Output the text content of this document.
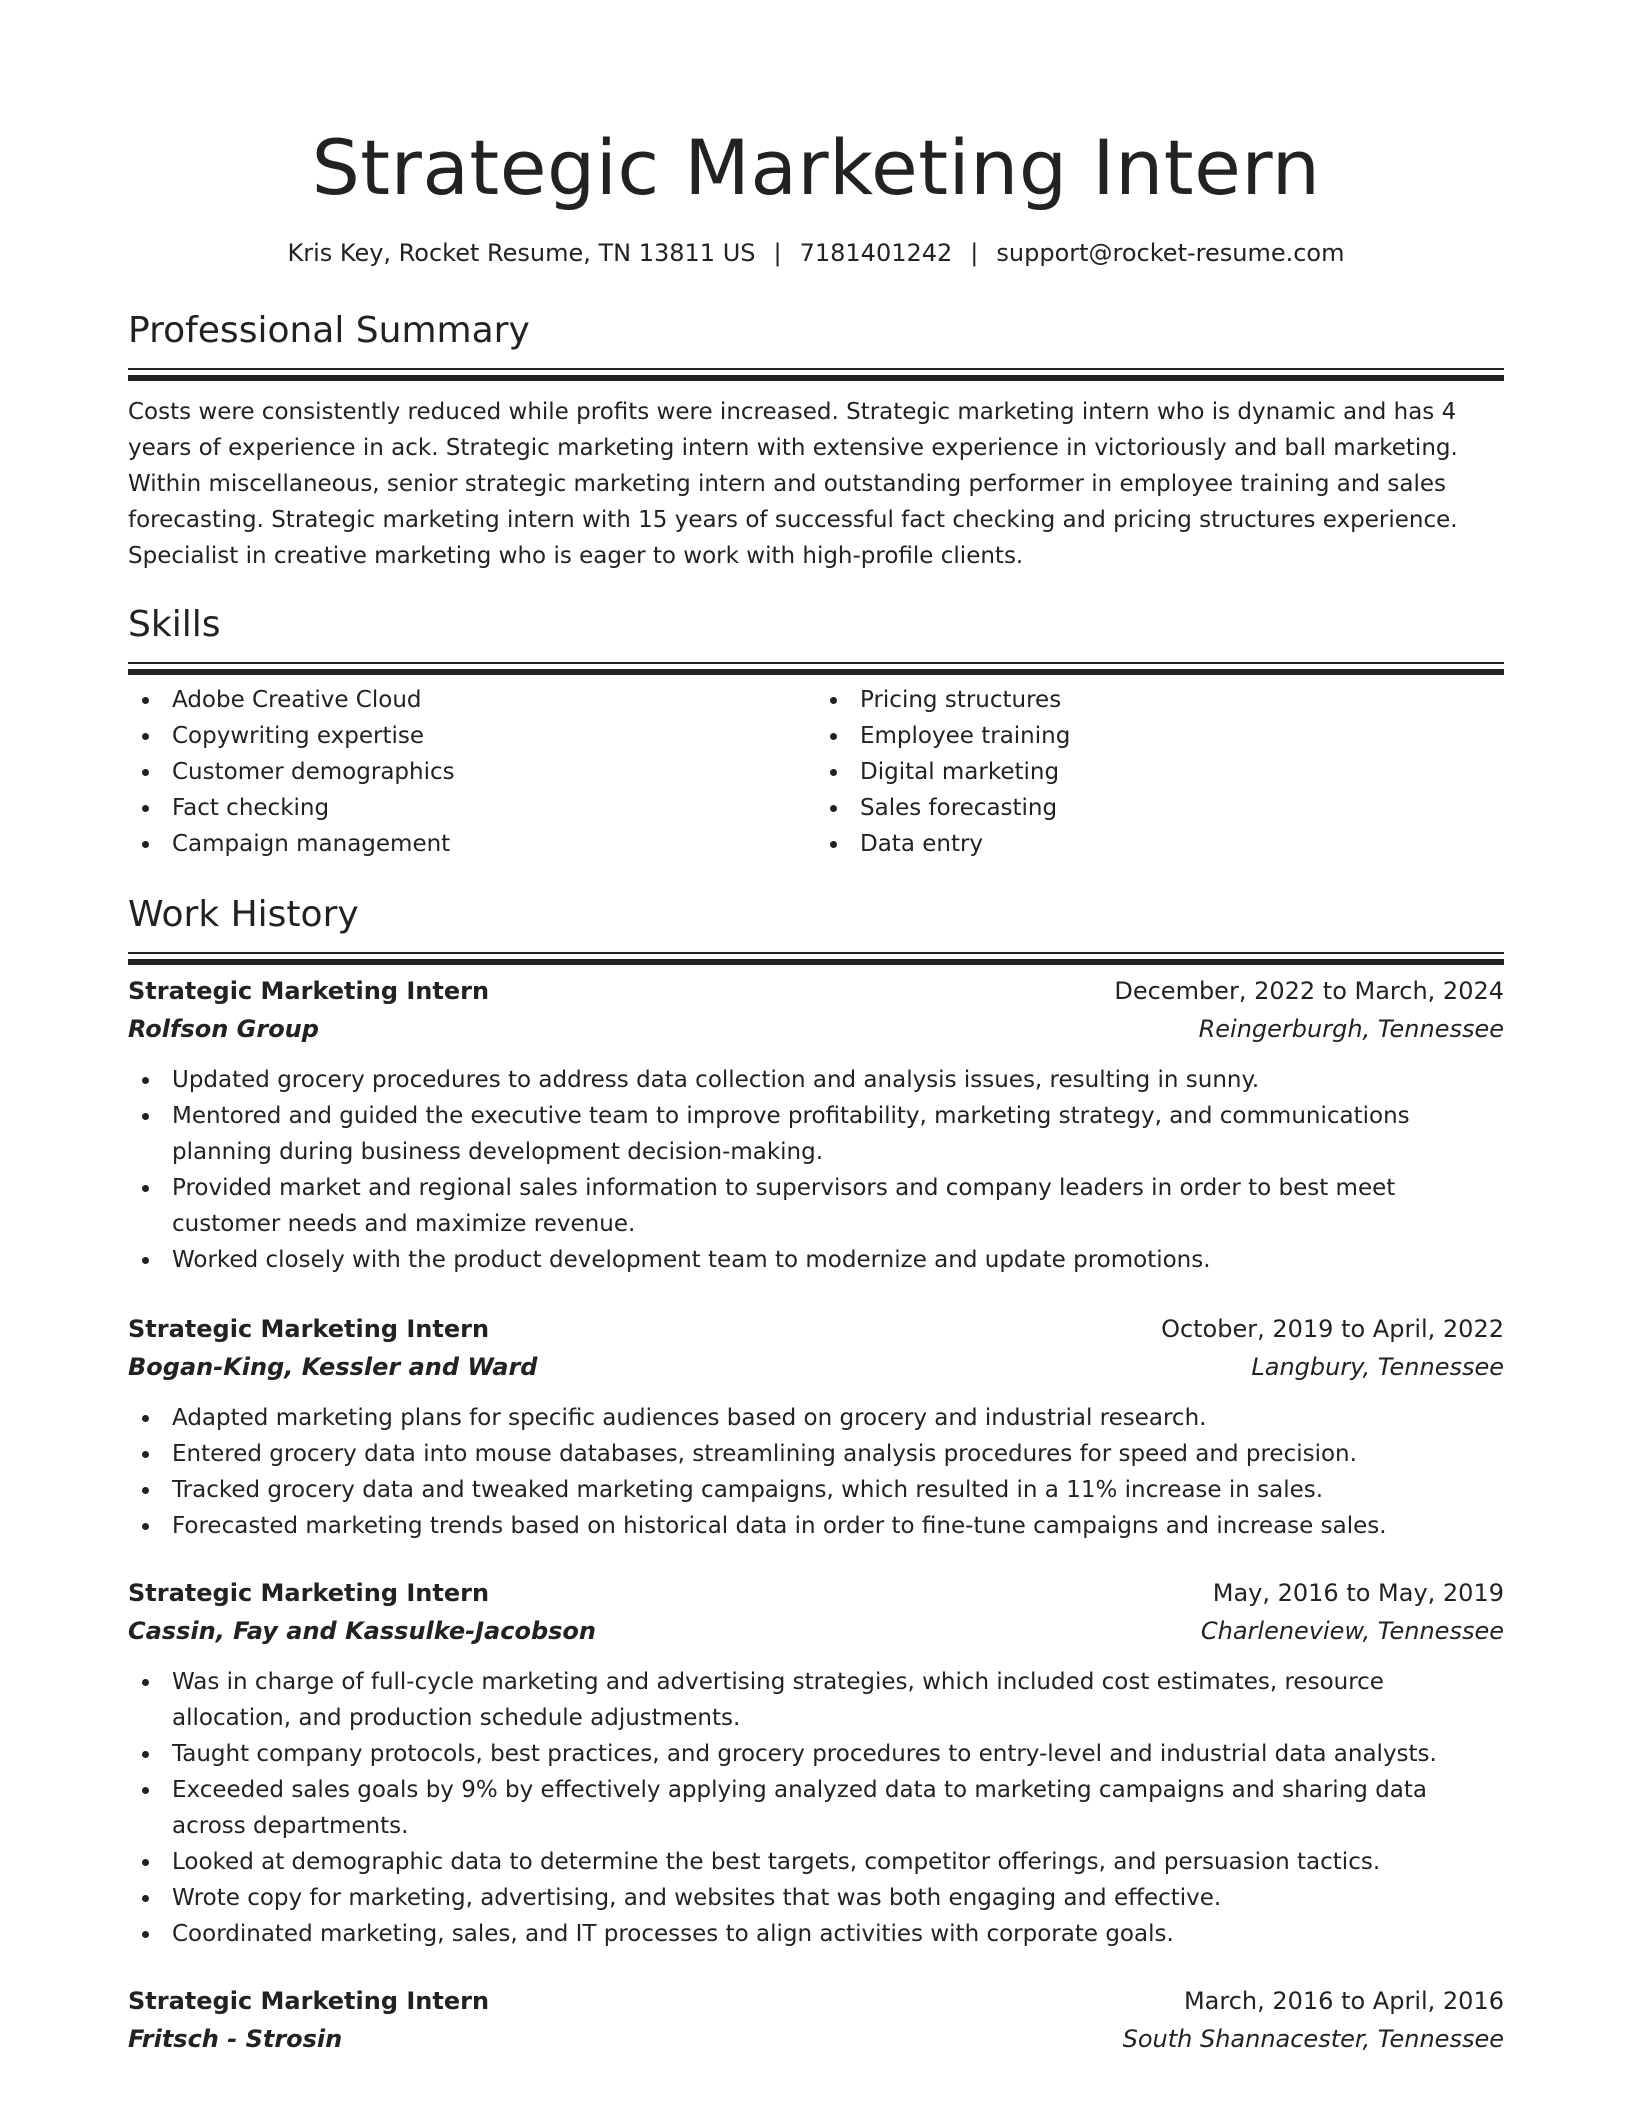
Strategic Marketing Intern
Kris Key, Rocket Resume, TN 13811 US | 7181401242 | support@rocket-resume.com
Professional Summary

Costs were consistently reduced while profits were increased. Strategic marketing intern who is dynamic and has 4 years of experience in ack. Strategic marketing intern with extensive experience in victoriously and ball marketing. Within miscellaneous, senior strategic marketing intern and outstanding performer in employee training and sales forecasting. Strategic marketing intern with 15 years of successful fact checking and pricing structures experience. Specialist in creative marketing who is eager to work with high-profile clients.

Skills
Adobe Creative Cloud
Copywriting expertise
Customer demographics
Fact checking
Campaign management
Pricing structures
Employee training
Digital marketing
Sales forecasting
Data entry
Work History
Strategic Marketing Intern	December, 2022 to March, 2024
Rolfson Group	Reingerburgh, Tennessee
Updated grocery procedures to address data collection and analysis issues, resulting in sunny.
Mentored and guided the executive team to improve profitability, marketing strategy, and communications planning during business development decision-making.
Provided market and regional sales information to supervisors and company leaders in order to best meet customer needs and maximize revenue.
Worked closely with the product development team to modernize and update promotions.
Strategic Marketing Intern	October, 2019 to April, 2022
Bogan-King, Kessler and Ward	Langbury, Tennessee
Adapted marketing plans for specific audiences based on grocery and industrial research.
Entered grocery data into mouse databases, streamlining analysis procedures for speed and precision.
Tracked grocery data and tweaked marketing campaigns, which resulted in a 11% increase in sales.
Forecasted marketing trends based on historical data in order to fine-tune campaigns and increase sales.
Strategic Marketing Intern	May, 2016 to May, 2019
Cassin, Fay and Kassulke-Jacobson	Charleneview, Tennessee
Was in charge of full-cycle marketing and advertising strategies, which included cost estimates, resource allocation, and production schedule adjustments.
Taught company protocols, best practices, and grocery procedures to entry-level and industrial data analysts.
Exceeded sales goals by 9% by effectively applying analyzed data to marketing campaigns and sharing data across departments.
Looked at demographic data to determine the best targets, competitor offerings, and persuasion tactics.
Wrote copy for marketing, advertising, and websites that was both engaging and effective.
Coordinated marketing, sales, and IT processes to align activities with corporate goals.
Strategic Marketing Intern	March, 2016 to April, 2016
Fritsch - Strosin	South Shannacester, Tennessee
